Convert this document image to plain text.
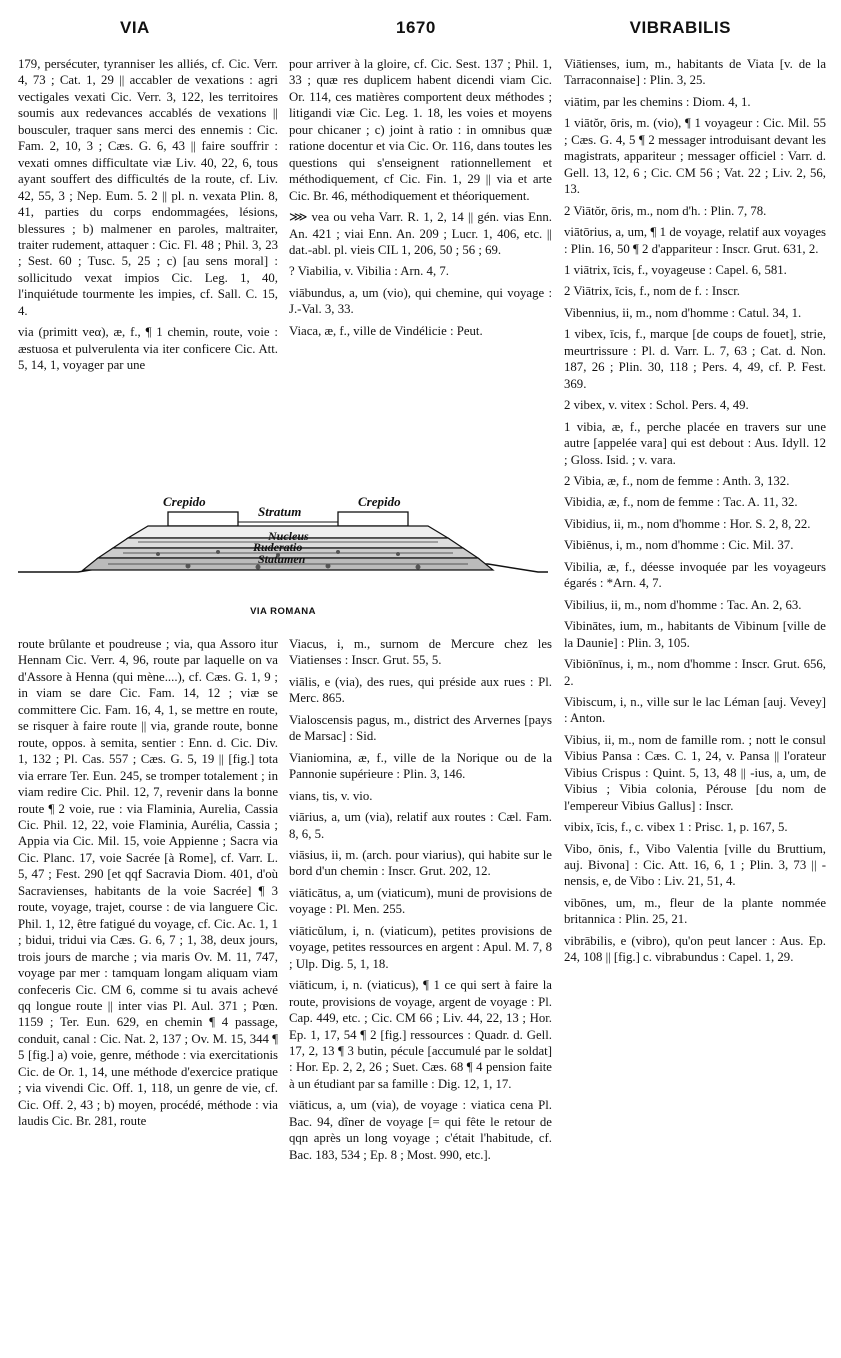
VIA	1670	VIBRABILIS

179, persécuter, tyranniser les alliés, cf. Cic. Verr. 4, 73 ; Cat. 1, 29 || accabler de vexations : agri vectigales vexati Cic. Verr. 3, 122, les territoires soumis aux redevances accablés de vexations || bousculer, traquer sans merci des ennemis : Cic. Fam. 2, 10, 3 ; Cæs. G. 6, 43 || faire souffrir : vexati omnes difficultate viæ Liv. 40, 22, 6, tous ayant souffert des difficultés de la route, cf. Liv. 42, 55, 3 ; Nep. Eum. 5. 2 || pl. n. vexata Plin. 8, 41, parties du corps endommagées, lésions, blessures ; b) malmener en paroles, maltraiter, traiter rudement, attaquer : Cic. Fl. 48 ; Phil. 3, 23 ; Sest. 60 ; Tusc. 5, 25 ; c) [au sens moral] : sollicitudo vexat impios Cic. Leg. 1, 40, l'inquiétude tourmente les impies, cf. Sall. C. 15, 4.

via (primitt veα), æ, f., ¶ 1 chemin, route, voie : æstuosa et pulverulenta via iter conficere Cic. Att. 5, 14, 1, voyager par une

pour arriver à la gloire, cf. Cic. Sest. 137 ; Phil. 1, 33 ; quæ res duplicem habent dicendi viam Cic. Or. 114, ces matières comportent deux méthodes ; litigandi viæ Cic. Leg. 1. 18, les voies et moyens pour chicaner ; c) joint à ratio : in omnibus quæ ratione docentur et via Cic. Or. 116, dans toutes les questions qui s'enseignent rationnellement et méthodiquement, cf Cic. Fin. 1, 29 || via et arte Cic. Br. 46, méthodiquement et théoriquement.

⋙ vea ou veha Varr. R. 1, 2, 14 || gén. vias Enn. An. 421 ; viai Enn. An. 209 ; Lucr. 1, 406, etc. || dat.-abl. pl. vieis CIL 1, 206, 50 ; 56 ; 69.

? Viabilia, v. Vibilia : Arn. 4, 7.

viābundus, a, um (vio), qui chemine, qui voyage : J.-Val. 3, 33.

Viaca, æ, f., ville de Vindélicie : Peut.

Crepido
Stratum
Crepido
Nucleus
Ruderatio
Statumen
VIA ROMANA

route brûlante et poudreuse ; via, qua Assoro itur Hennam Cic. Verr. 4, 96, route par laquelle on va d'Assore à Henna (qui mène....), cf. Cæs. G. 1, 9 ; in viam se dare Cic. Fam. 14, 12 ; viæ se committere Cic. Fam. 16, 4, 1, se mettre en route, se risquer à faire route || via, grande route, bonne route, oppos. à semita, sentier : Enn. d. Cic. Div. 1, 132 ; Pl. Cas. 557 ; Cæs. G. 5, 19 || [fig.] tota via errare Ter. Eun. 245, se tromper totalement ; in viam redire Cic. Phil. 12, 7, revenir dans la bonne route ¶ 2 voie, rue : via Flaminia, Aurelia, Cassia Cic. Phil. 12, 22, voie Flaminia, Aurélia, Cassia ; Appia via Cic. Mil. 15, voie Appienne ; Sacra via Cic. Planc. 17, voie Sacrée [à Rome], cf. Varr. L. 5, 47 ; Fest. 290 [et qqf Sacravia Diom. 401, d'où Sacravienses, habitants de la voie Sacrée] ¶ 3 route, voyage, trajet, course : de via languere Cic. Phil. 1, 12, être fatigué du voyage, cf. Cic. Ac. 1, 1 ; bidui, tridui via Cæs. G. 6, 7 ; 1, 38, deux jours, trois jours de marche ; via maris Ov. M. 11, 747, voyage par mer : tamquam longam aliquam viam confeceris Cic. CM 6, comme si tu avais achevé qq longue route || inter vias Pl. Aul. 371 ; Pœn. 1159 ; Ter. Eun. 629, en chemin ¶ 4 passage, conduit, canal : Cic. Nat. 2, 137 ; Ov. M. 15, 344 ¶ 5 [fig.] a) voie, genre, méthode : via exercitationis Cic. de Or. 1, 14, une méthode d'exercice pratique ; via vivendi Cic. Off. 1, 118, un genre de vie, cf. Cic. Off. 2, 43 ; b) moyen, procédé, méthode : via laudis Cic. Br. 281, route

Viacus, i, m., surnom de Mercure chez les Viatienses : Inscr. Grut. 55, 5.

viālis, e (via), des rues, qui préside aux rues : Pl. Merc. 865.

Vialoscensis pagus, m., district des Arvernes [pays de Marsac] : Sid.

Vianiomina, æ, f., ville de la Norique ou de la Pannonie supérieure : Plin. 3, 146.

vians, tis, v. vio.

viārius, a, um (via), relatif aux routes : Cæl. Fam. 8, 6, 5.

viāsius, ii, m. (arch. pour viarius), qui habite sur le bord d'un chemin : Inscr. Grut. 202, 12.

viāticātus, a, um (viaticum), muni de provisions de voyage : Pl. Men. 255.

viāticŭlum, i, n. (viaticum), petites provisions de voyage, petites ressources en argent : Apul. M. 7, 8 ; Ulp. Dig. 5, 1, 18.

viāticum, i, n. (viaticus), ¶ 1 ce qui sert à faire la route, provisions de voyage, argent de voyage : Pl. Cap. 449, etc. ; Cic. CM 66 ; Liv. 44, 22, 13 ; Hor. Ep. 1, 17, 54 ¶ 2 [fig.] ressources : Quadr. d. Gell. 17, 2, 13 ¶ 3 butin, pécule [accumulé par le soldat] : Hor. Ep. 2, 2, 26 ; Suet. Cæs. 68 ¶ 4 pension faite à un étudiant par sa famille : Dig. 12, 1, 17.

viāticus, a, um (via), de voyage : viatica cena Pl. Bac. 94, dîner de voyage [= qui fête le retour de qqn après un long voyage ; c'était l'habitude, cf. Bac. 183, 534 ; Ep. 8 ; Most. 990, etc.].

Viātienses, ium, m., habitants de Viata [v. de la Tarraconnaise] : Plin. 3, 25.

viātim, par les chemins : Diom. 4, 1.

1 viātŏr, ōris, m. (vio), ¶ 1 voyageur : Cic. Mil. 55 ; Cæs. G. 4, 5 ¶ 2 messager introduisant devant les magistrats, appariteur ; messager officiel : Varr. d. Gell. 13, 12, 6 ; Cic. CM 56 ; Vat. 22 ; Liv. 2, 56, 13.

2 Viātŏr, ōris, m., nom d'h. : Plin. 7, 78.

viātōrius, a, um, ¶ 1 de voyage, relatif aux voyages : Plin. 16, 50 ¶ 2 d'appariteur : Inscr. Grut. 631, 2.

1 viātrix, īcis, f., voyageuse : Capel. 6, 581.

2 Viātrix, īcis, f., nom de f. : Inscr.

Vibennius, ii, m., nom d'homme : Catul. 34, 1.

1 vibex, īcis, f., marque [de coups de fouet], strie, meurtrissure : Pl. d. Varr. L. 7, 63 ; Cat. d. Non. 187, 26 ; Plin. 30, 118 ; Pers. 4, 49, cf. P. Fest. 369.

2 vibex, v. vitex : Schol. Pers. 4, 49.

1 vibia, æ, f., perche placée en travers sur une autre [appelée vara] qui est debout : Aus. Idyll. 12 ; Gloss. Isid. ; v. vara.

2 Vibia, æ, f., nom de femme : Anth. 3, 132.

Vibidia, æ, f., nom de femme : Tac. A. 11, 32.

Vibidius, ii, m., nom d'homme : Hor. S. 2, 8, 22.

Vibiēnus, i, m., nom d'homme : Cic. Mil. 37.

Vibilia, æ, f., déesse invoquée par les voyageurs égarés : *Arn. 4, 7.

Vibilius, ii, m., nom d'homme : Tac. An. 2, 63.

Vibinātes, ium, m., habitants de Vibinum [ville de la Daunie] : Plin. 3, 105.

Vibiōnīnus, i, m., nom d'homme : Inscr. Grut. 656, 2.

Vibiscum, i, n., ville sur le lac Léman [auj. Vevey] : Anton.

Vibius, ii, m., nom de famille rom. ; nott le consul Vibius Pansa : Cæs. C. 1, 24, v. Pansa || l'orateur Vibius Crispus : Quint. 5, 13, 48 || -ius, a, um, de Vibius ; Vibia colonia, Pérouse [du nom de l'empereur Vibius Gallus] : Inscr.

vibix, īcis, f., c. vibex 1 : Prisc. 1, p. 167, 5.

Vibo, ōnis, f., Vibo Valentia [ville du Bruttium, auj. Bivona] : Cic. Att. 16, 6, 1 ; Plin. 3, 73 || -nensis, e, de Vibo : Liv. 21, 51, 4.

vibōnes, um, m., fleur de la plante nommée britannica : Plin. 25, 21.

vibrābilis, e (vibro), qu'on peut lancer : Aus. Ep. 24, 108 || [fig.] c. vibrabundus : Capel. 1, 29.
